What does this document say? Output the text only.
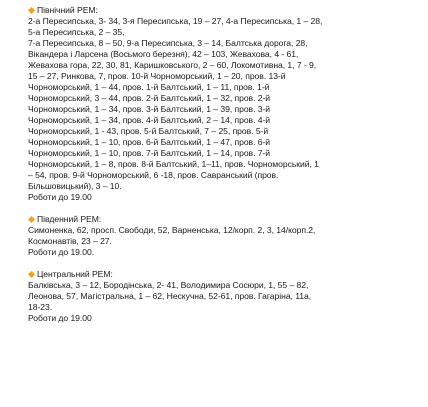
Північний РЕМ:
2-а Пересипська, 3- 34, 3-я Пересипська, 19 – 27, 4-а Пересипська, 1 – 28,
5-а Пересипська, 2 – 35,
7-а Пересипська, 8 – 50, 9-а Пересипська, 3 – 14, Балтська дорога, 28,
Вікандера і Ларсена (Восьмого березня), 42 – 103, Жевахова, 4 - 61,
Жевахова гора, 22, 30, 81, Каришковського, 2 – 60, Локомотивна, 1, 7 - 9,
15 – 27, Ринкова, 7, пров. 10-й Чорноморський, 1 – 20, пров. 13-й
Чорноморський, 1 – 44, пров. 1-й Балтський, 1 – 11, пров. 1-й
Чорноморський, 3 – 44, пров. 2-й Балтський, 1 – 32, пров. 2-й
Чорноморський, 1 – 34, пров. 3-й Балтський, 1 – 39, пров. 3-й
Чорноморський, 1 – 34, пров. 4-й Балтський, 2 – 14, пров. 4-й
Чорноморський, 1 - 43, пров. 5-й Балтський, 7 – 25, пров. 5-й
Чорноморський, 1 – 10, пров. 6-й Балтський, 1 – 47, пров. 6-й
Чорноморський, 1 – 10, пров. 7-й Балтський, 1 – 14, пров. 7-й
Чорноморський, 1 – 8, пров. 8-й Балтський, 1–11, пров. Чорноморський, 1
– 54, пров. 9-й Чорноморський, 6 -18, пров. Савранський (пров.
Більшовицький), 3 – 10.
Роботи до 19.00
Південний РЕМ:
Симоненка, 62, просп. Свободи, 52, Варненська, 12/корп. 2, 3, 14/корп.2,
Космонавтів, 23 – 27.
Роботи до 19.00.
Центральний РЕМ:
Балківська, 3 – 12, Бородінська, 2- 41, Володимира Сосюри, 1, 55 – 82,
Леонова, 57, Магістральна, 1 – 62, Нескучна, 52-61, пров. Гагаріна, 11а,
18-23.
Роботи до 19.00
